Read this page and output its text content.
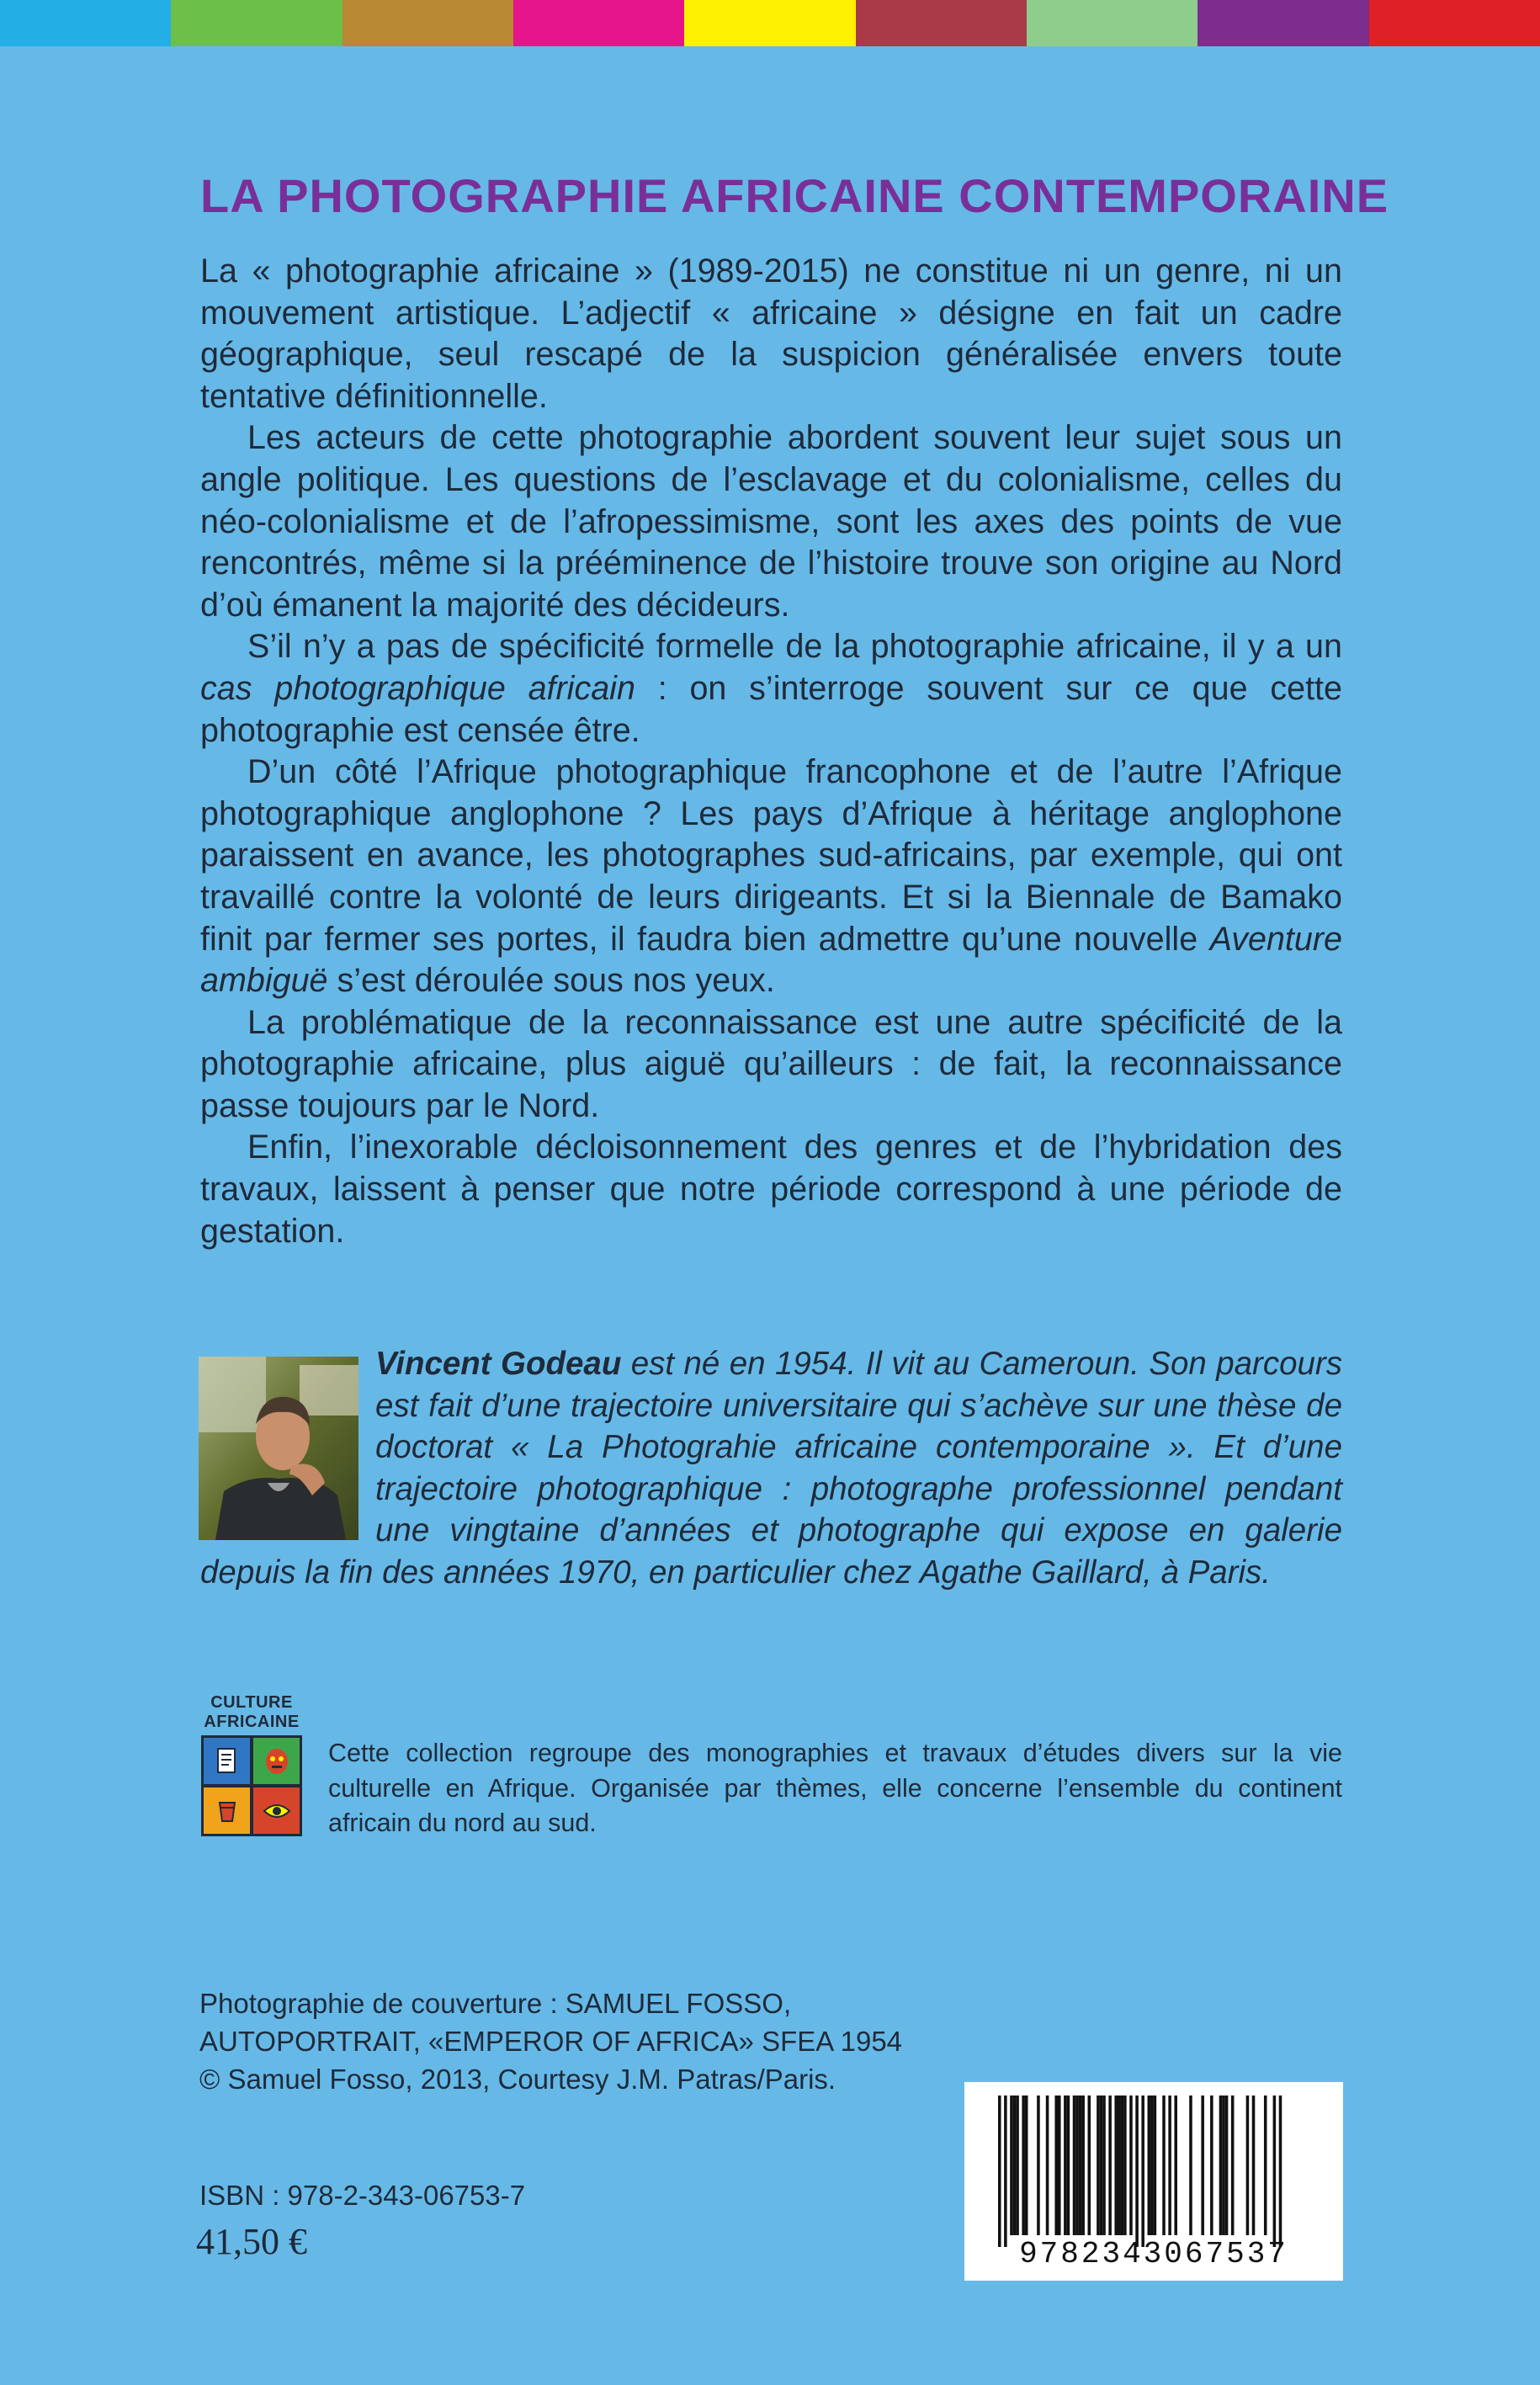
LA PHOTOGRAPHIE AFRICAINE CONTEMPORAINE

La « photographie africaine » (1989-2015) ne constitue ni un genre, ni un mouvement artistique. L’adjectif « africaine » désigne en fait un cadre géographique, seul rescapé de la suspicion généralisée envers toute tentative définitionnelle.

Les acteurs de cette photographie abordent souvent leur sujet sous un angle politique. Les questions de l’esclavage et du colonialisme, celles du néo-colonialisme et de l’afropessimisme, sont les axes des points de vue rencontrés, même si la prééminence de l’histoire trouve son origine au Nord d’où émanent la majorité des décideurs.

S’il n’y a pas de spécificité formelle de la photographie africaine, il y a un cas photographique africain : on s’interroge souvent sur ce que cette photographie est censée être.

D’un côté l’Afrique photographique francophone et de l’autre l’Afrique photographique anglophone ? Les pays d’Afrique à héritage anglophone paraissent en avance, les photographes sud-africains, par exemple, qui ont travaillé contre la volonté de leurs dirigeants. Et si la Biennale de Bamako finit par fermer ses portes, il faudra bien admettre qu’une nouvelle Aventure ambiguë s’est déroulée sous nos yeux.

La problématique de la reconnaissance est une autre spécificité de la photographie africaine, plus aiguë qu’ailleurs : de fait, la reconnaissance passe toujours par le Nord.

Enfin, l’inexorable décloisonnement des genres et de l’hybridation des travaux, laissent à penser que notre période correspond à une période de gestation.

Vincent Godeau est né en 1954. Il vit au Cameroun. Son parcours est fait d’une trajectoire universitaire qui s’achève sur une thèse de doctorat « La Photograhie africaine contemporaine ». Et d’une trajectoire photographique : photographe professionnel pendant une vingtaine d’années et photographe qui expose en galerie depuis la fin des années 1970, en particulier chez Agathe Gaillard, à Paris.
CULTURE
AFRICAINE
Cette collection regroupe des monographies et travaux d’études divers sur la vie culturelle en Afrique. Organisée par thèmes, elle concerne l’ensemble du continent africain du nord au sud.
Photographie de couverture : SAMUEL FOSSO,
AUTOPORTRAIT, «EMPEROR OF AFRICA» SFEA 1954
© Samuel Fosso, 2013, Courtesy J.M. Patras/Paris.
ISBN : 978-2-343-06753-7
41,50 €	9782343067537
